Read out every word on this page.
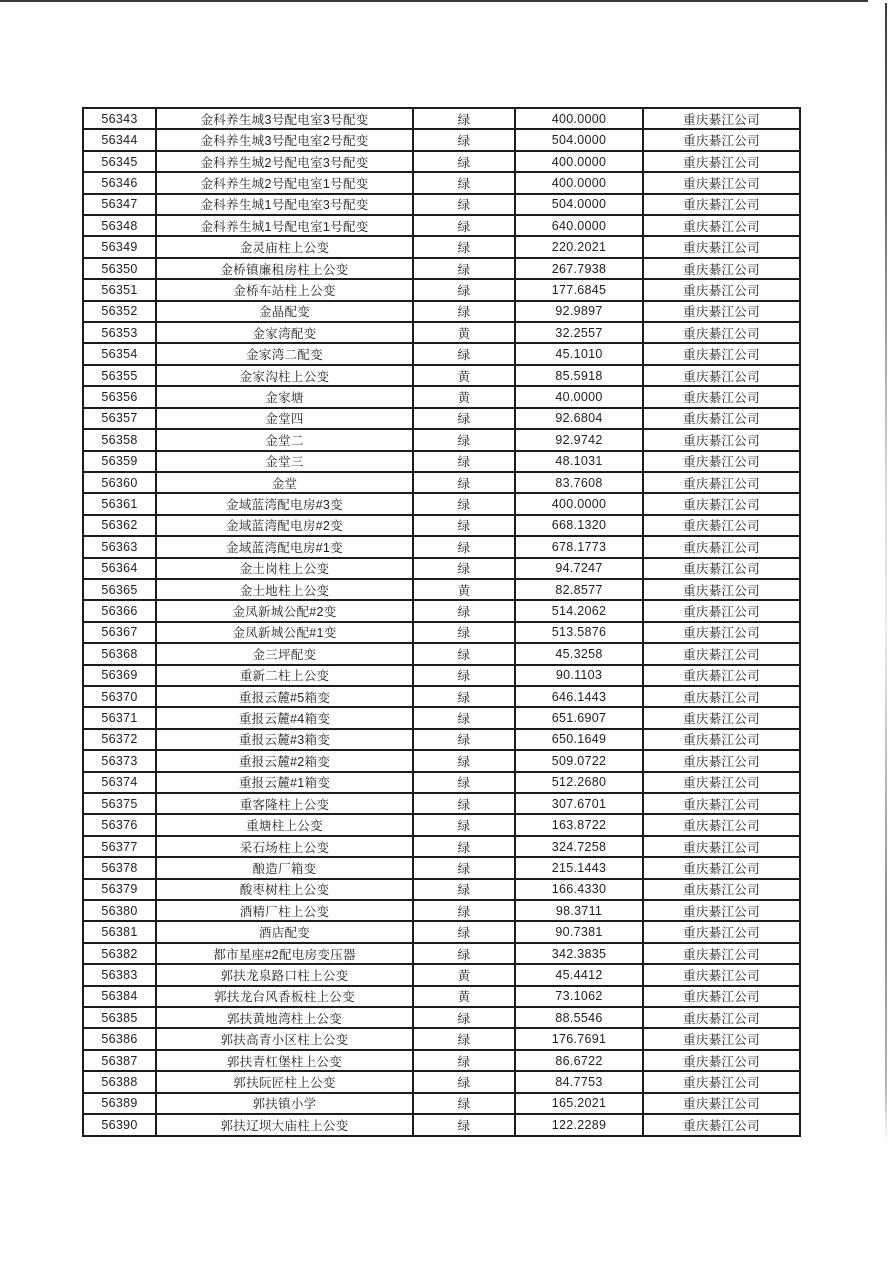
56343	金科养生城3号配电室3号配变	绿	400.0000	重庆綦江公司
56344	金科养生城3号配电室2号配变	绿	504.0000	重庆綦江公司
56345	金科养生城2号配电室3号配变	绿	400.0000	重庆綦江公司
56346	金科养生城2号配电室1号配变	绿	400.0000	重庆綦江公司
56347	金科养生城1号配电室3号配变	绿	504.0000	重庆綦江公司
56348	金科养生城1号配电室1号配变	绿	640.0000	重庆綦江公司
56349	金灵庙柱上公变	绿	220.2021	重庆綦江公司
56350	金桥镇廉租房柱上公变	绿	267.7938	重庆綦江公司
56351	金桥车站柱上公变	绿	177.6845	重庆綦江公司
56352	金晶配变	绿	92.9897	重庆綦江公司
56353	金家湾配变	黄	32.2557	重庆綦江公司
56354	金家湾二配变	绿	45.1010	重庆綦江公司
56355	金家沟柱上公变	黄	85.5918	重庆綦江公司
56356	金家塘	黄	40.0000	重庆綦江公司
56357	金堂四	绿	92.6804	重庆綦江公司
56358	金堂二	绿	92.9742	重庆綦江公司
56359	金堂三	绿	48.1031	重庆綦江公司
56360	金堂	绿	83.7608	重庆綦江公司
56361	金域蓝湾配电房#3变	绿	400.0000	重庆綦江公司
56362	金域蓝湾配电房#2变	绿	668.1320	重庆綦江公司
56363	金域蓝湾配电房#1变	绿	678.1773	重庆綦江公司
56364	金土岗柱上公变	绿	94.7247	重庆綦江公司
56365	金土地柱上公变	黄	82.8577	重庆綦江公司
56366	金凤新城公配#2变	绿	514.2062	重庆綦江公司
56367	金凤新城公配#1变	绿	513.5876	重庆綦江公司
56368	金三坪配变	绿	45.3258	重庆綦江公司
56369	重新二柱上公变	绿	90.1103	重庆綦江公司
56370	重报云麓#5箱变	绿	646.1443	重庆綦江公司
56371	重报云麓#4箱变	绿	651.6907	重庆綦江公司
56372	重报云麓#3箱变	绿	650.1649	重庆綦江公司
56373	重报云麓#2箱变	绿	509.0722	重庆綦江公司
56374	重报云麓#1箱变	绿	512.2680	重庆綦江公司
56375	重客隆柱上公变	绿	307.6701	重庆綦江公司
56376	重塘柱上公变	绿	163.8722	重庆綦江公司
56377	采石场柱上公变	绿	324.7258	重庆綦江公司
56378	酿造厂箱变	绿	215.1443	重庆綦江公司
56379	酸枣树柱上公变	绿	166.4330	重庆綦江公司
56380	酒精厂柱上公变	绿	98.3711	重庆綦江公司
56381	酒店配变	绿	90.7381	重庆綦江公司
56382	都市星座#2配电房变压器	绿	342.3835	重庆綦江公司
56383	郭扶龙泉路口柱上公变	黄	45.4412	重庆綦江公司
56384	郭扶龙台风香板柱上公变	黄	73.1062	重庆綦江公司
56385	郭扶黄地湾柱上公变	绿	88.5546	重庆綦江公司
56386	郭扶高青小区柱上公变	绿	176.7691	重庆綦江公司
56387	郭扶青杠堡柱上公变	绿	86.6722	重庆綦江公司
56388	郭扶阮匠柱上公变	绿	84.7753	重庆綦江公司
56389	郭扶镇小学	绿	165.2021	重庆綦江公司
56390	郭扶辽坝大庙柱上公变	绿	122.2289	重庆綦江公司
